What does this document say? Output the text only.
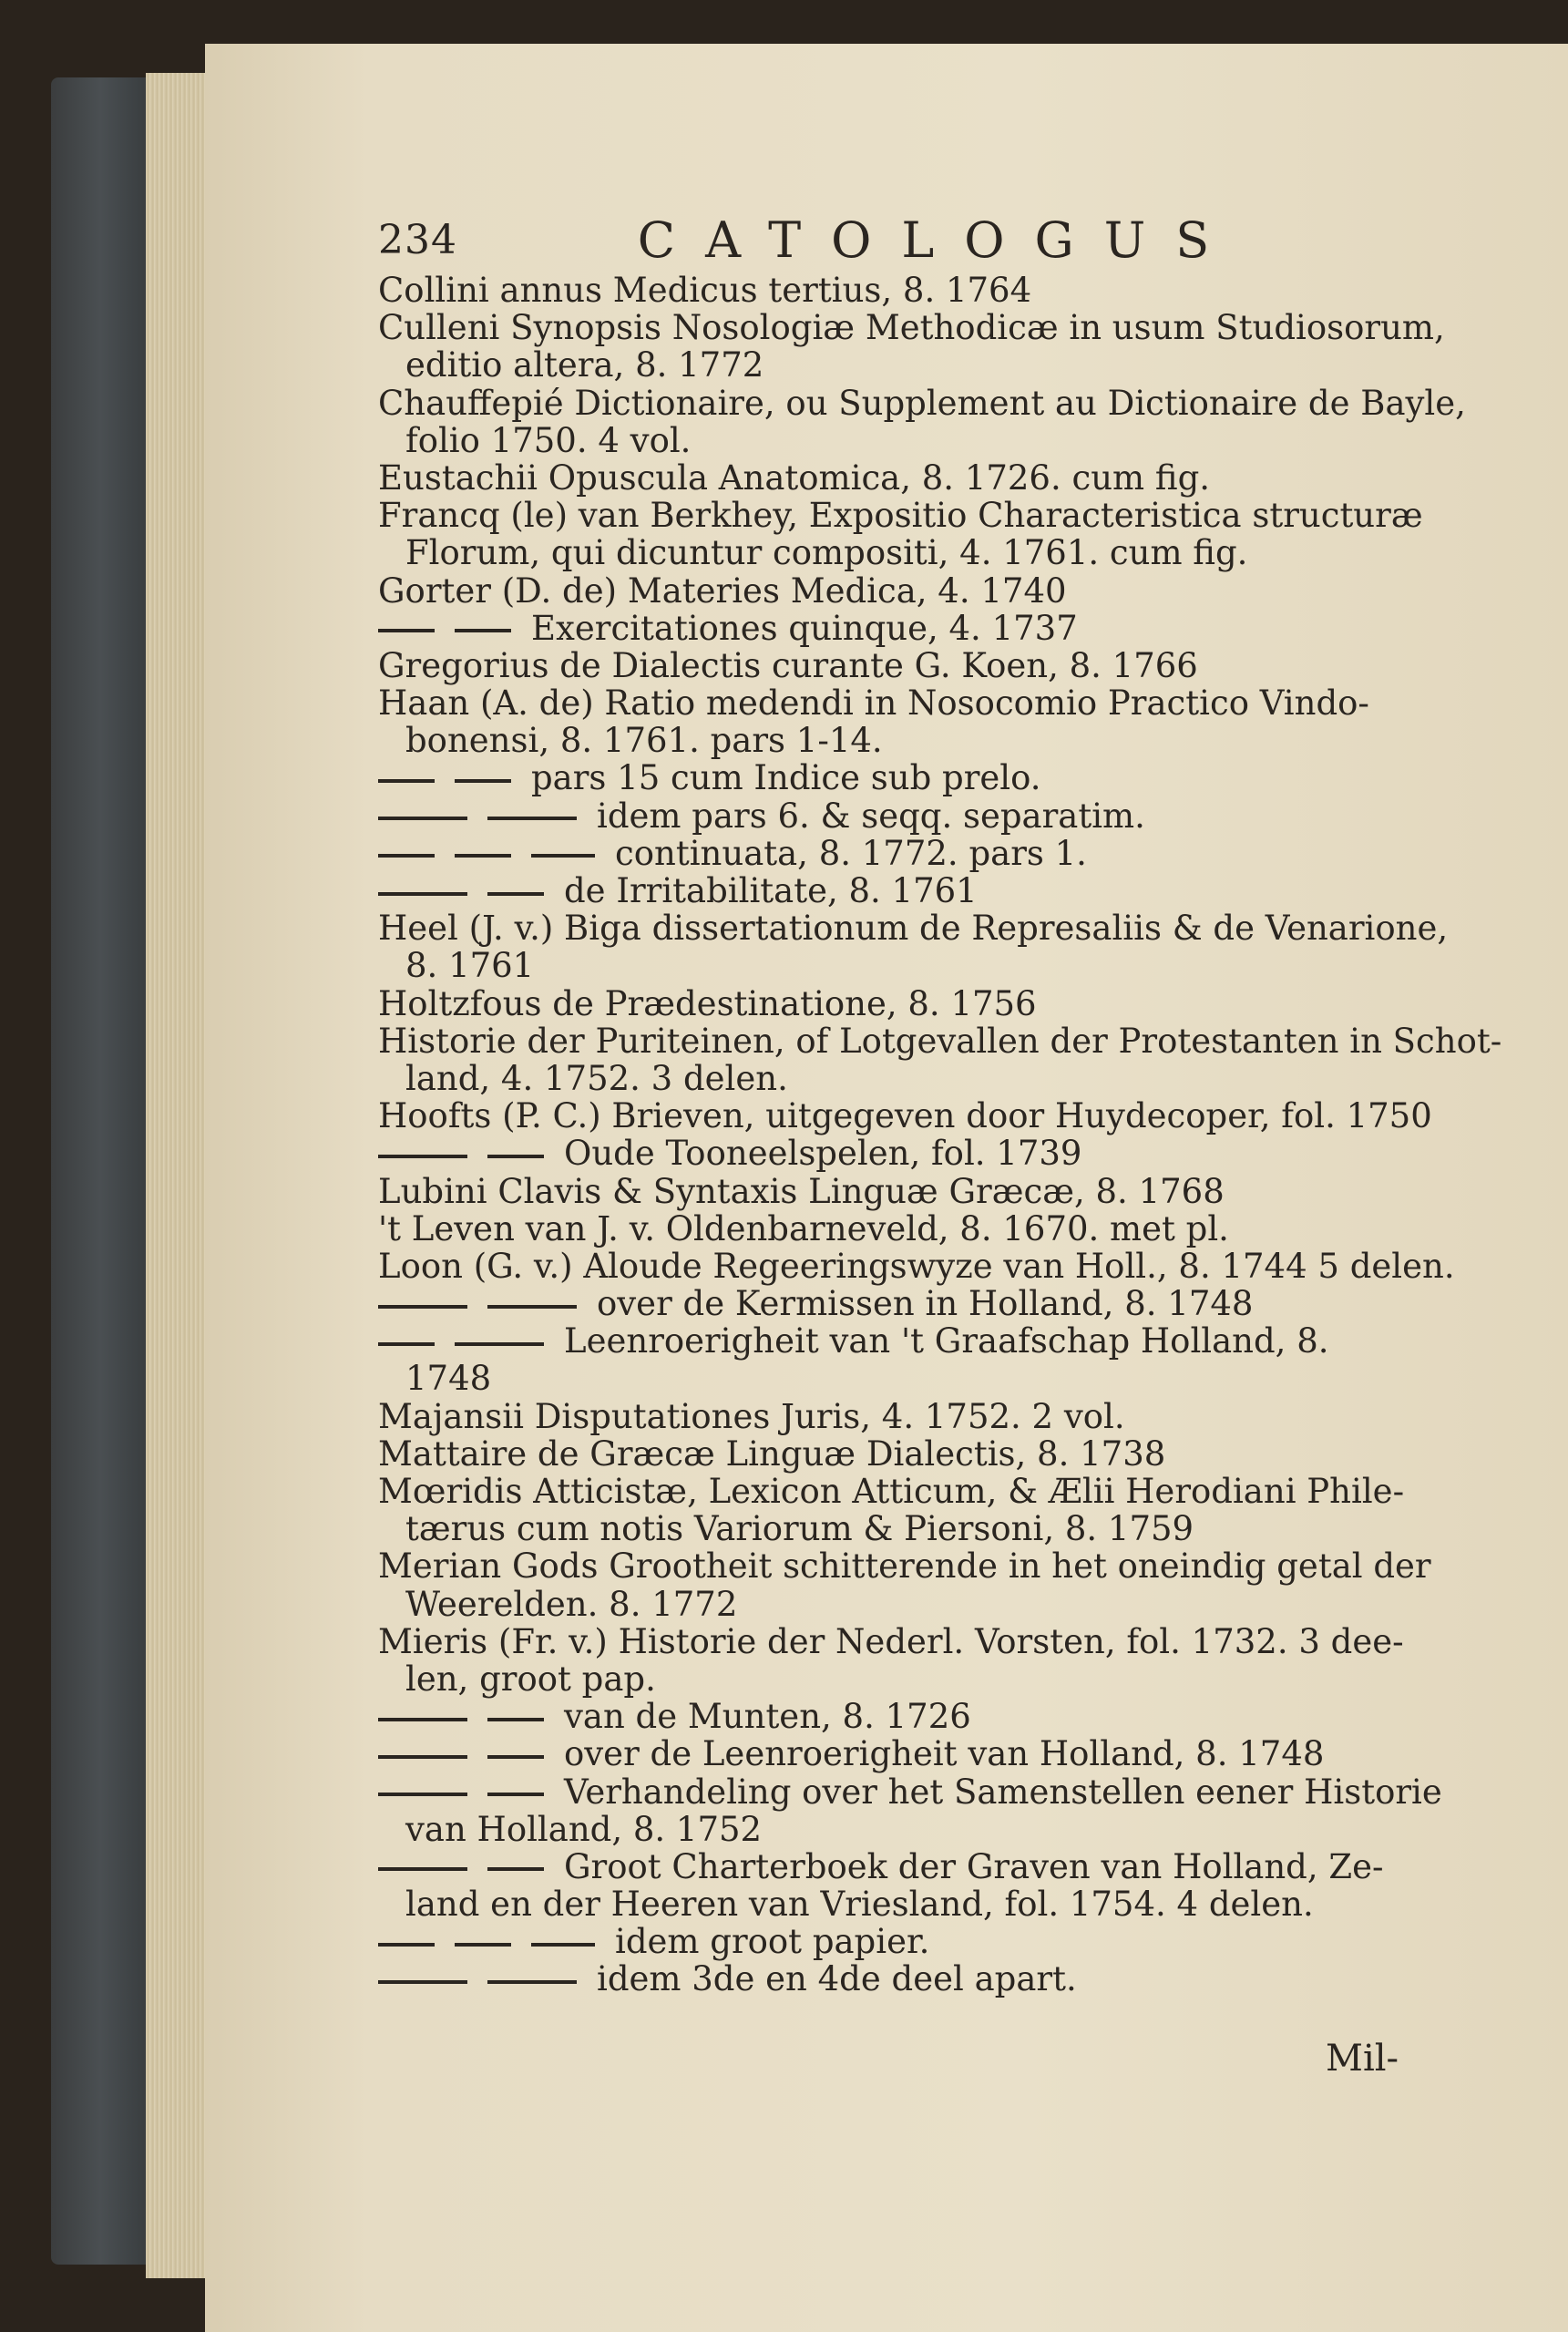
234	CATOLOGUS
Collini annus Medicus tertius, 8. 1764
Culleni Synopsis Nosologiæ Methodicæ in usum Studiosorum,
editio altera, 8. 1772
Chauffepié Dictionaire, ou Supplement au Dictionaire de Bayle,
folio 1750. 4 vol.
Eustachii Opuscula Anatomica, 8. 1726. cum fig.
Francq (le) van Berkhey, Expositio Characteristica structuræ
Florum, qui dicuntur compositi, 4. 1761. cum fig.
Gorter (D. de) Materies Medica, 4. 1740
Exercitationes quinque, 4. 1737
Gregorius de Dialectis curante G. Koen, 8. 1766
Haan (A. de) Ratio medendi in Nosocomio Practico Vindo-
bonensi, 8. 1761. pars 1-14.
pars 15 cum Indice sub prelo.
idem pars 6. & seqq. separatim.
continuata, 8. 1772. pars 1.
de Irritabilitate, 8. 1761
Heel (J. v.) Biga dissertationum de Represaliis & de Venarione,
8. 1761
Holtzfous de Prædestinatione, 8. 1756
Historie der Puriteinen, of Lotgevallen der Protestanten in Schot-
land, 4. 1752. 3 delen.
Hoofts (P. C.) Brieven, uitgegeven door Huydecoper, fol. 1750
Oude Tooneelspelen, fol. 1739
Lubini Clavis & Syntaxis Linguæ Græcæ, 8. 1768
't Leven van J. v. Oldenbarneveld, 8. 1670. met pl.
Loon (G. v.) Aloude Regeeringswyze van Holl., 8. 1744 5 delen.
over de Kermissen in Holland, 8. 1748
Leenroerigheit van 't Graafschap Holland, 8.
1748
Majansii Disputationes Juris, 4. 1752. 2 vol.
Mattaire de Græcæ Linguæ Dialectis, 8. 1738
Mœridis Atticistæ, Lexicon Atticum, & Ælii Herodiani Phile-
tærus cum notis Variorum & Piersoni, 8. 1759
Merian Gods Grootheit schitterende in het oneindig getal der
Weerelden. 8. 1772
Mieris (Fr. v.) Historie der Nederl. Vorsten, fol. 1732. 3 dee-
len, groot pap.
van de Munten, 8. 1726
over de Leenroerigheit van Holland, 8. 1748
Verhandeling over het Samenstellen eener Historie
van Holland, 8. 1752
Groot Charterboek der Graven van Holland, Ze-
land en der Heeren van Vriesland, fol. 1754. 4 delen.
idem groot papier.
idem 3de en 4de deel apart.
Mil-
